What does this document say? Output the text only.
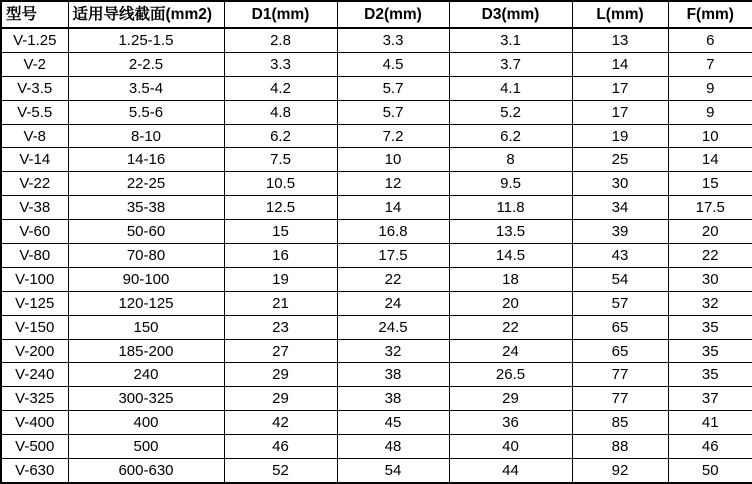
型号	适用导线截面(mm2)	D1(mm)	D2(mm)	D3(mm)	L(mm)	F(mm)
V-1.25	1.25-1.5	2.8	3.3	3.1	13	6
V-2	2-2.5	3.3	4.5	3.7	14	7
V-3.5	3.5-4	4.2	5.7	4.1	17	9
V-5.5	5.5-6	4.8	5.7	5.2	17	9
V-8	8-10	6.2	7.2	6.2	19	10
V-14	14-16	7.5	10	8	25	14
V-22	22-25	10.5	12	9.5	30	15
V-38	35-38	12.5	14	11.8	34	17.5
V-60	50-60	15	16.8	13.5	39	20
V-80	70-80	16	17.5	14.5	43	22
V-100	90-100	19	22	18	54	30
V-125	120-125	21	24	20	57	32
V-150	150	23	24.5	22	65	35
V-200	185-200	27	32	24	65	35
V-240	240	29	38	26.5	77	35
V-325	300-325	29	38	29	77	37
V-400	400	42	45	36	85	41
V-500	500	46	48	40	88	46
V-630	600-630	52	54	44	92	50
